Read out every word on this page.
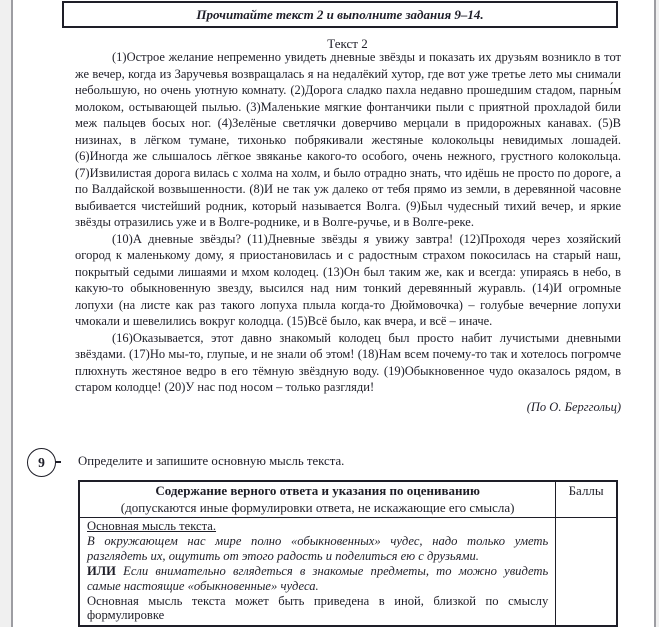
Прочитайте текст 2 и выполните задания 9–14.
Текст 2

(1)Острое желание непременно увидеть дневные звёзды и показать их друзьям возникло в тот же вечер, когда из Заручевья возвращалась я на недалёкий хутор, где вот уже третье лето мы снимали небольшую, но очень уютную комнату. (2)Дорога сладко пахла недавно прошедшим стадом, парны́м молоком, остывающей пылью. (3)Маленькие мягкие фонтанчики пыли с приятной прохладой били меж пальцев босых ног. (4)Зелёные светлячки доверчиво мерцали в придорожных канавах. (5)В низинах, в лёгком тумане, тихонько побрякивали жестяные колокольцы невидимых лошадей. (6)Иногда же слышалось лёгкое звяканье какого-то особого, очень нежного, грустного колокольца. (7)Извилистая дорога вилась с холма на холм, и было отрадно знать, что идёшь не просто по дороге, а по Валдайской возвышенности. (8)И не так уж далеко от тебя прямо из земли, в деревянной часовне выбивается чистейший родник, который называется Волга. (9)Был чудесный тихий вечер, и яркие звёзды отразились уже и в Волге-роднике, и в Волге-ручье, и в Волге-реке.

(10)А дневные звёзды? (11)Дневные звёзды я увижу завтра! (12)Проходя через хозяйский огород к маленькому дому, я приостановилась и с радостным страхом покосилась на старый наш, покрытый седыми лишаями и мхом колодец. (13)Он был таким же, как и всегда: упираясь в небо, в какую-то обыкновенную звезду, высился над ним тонкий деревянный журавль. (14)И огромные лопухи (на листе как раз такого лопуха плыла когда-то Дюймовочка) – голубые вечерние лопухи чмокали и шевелились вокруг колодца. (15)Всё было, как вчера, и всё – иначе.

(16)Оказывается, этот давно знакомый колодец был просто набит лучистыми дневными звёздами. (17)Но мы-то, глупые, и не знали об этом! (18)Нам всем почему-то так и хотелось погромче плюхнуть жестяное ведро в его тёмную звёздную воду. (19)Обыкновенное чудо оказалось рядом, в старом колодце! (20)У нас под носом – только разгляди!

(По О. Берггольц)
9	Определите и запишите основную мысль текста.
Содержание верного ответа и указания по оцениванию
(допускаются иные формулировки ответа, не искажающие его смысла)	Баллы
Основная мысль текста.
В окружающем нас мире полно «обыкновенных» чудес, надо только уметь разглядеть их, ощутить от этого радость и поделиться ею с друзьями.
ИЛИ Если внимательно вглядеться в знакомые предметы, то можно увидеть самые настоящие «обыкновенные» чудеса.
Основная мысль текста может быть приведена в иной, близкой по смыслу формулировке	
